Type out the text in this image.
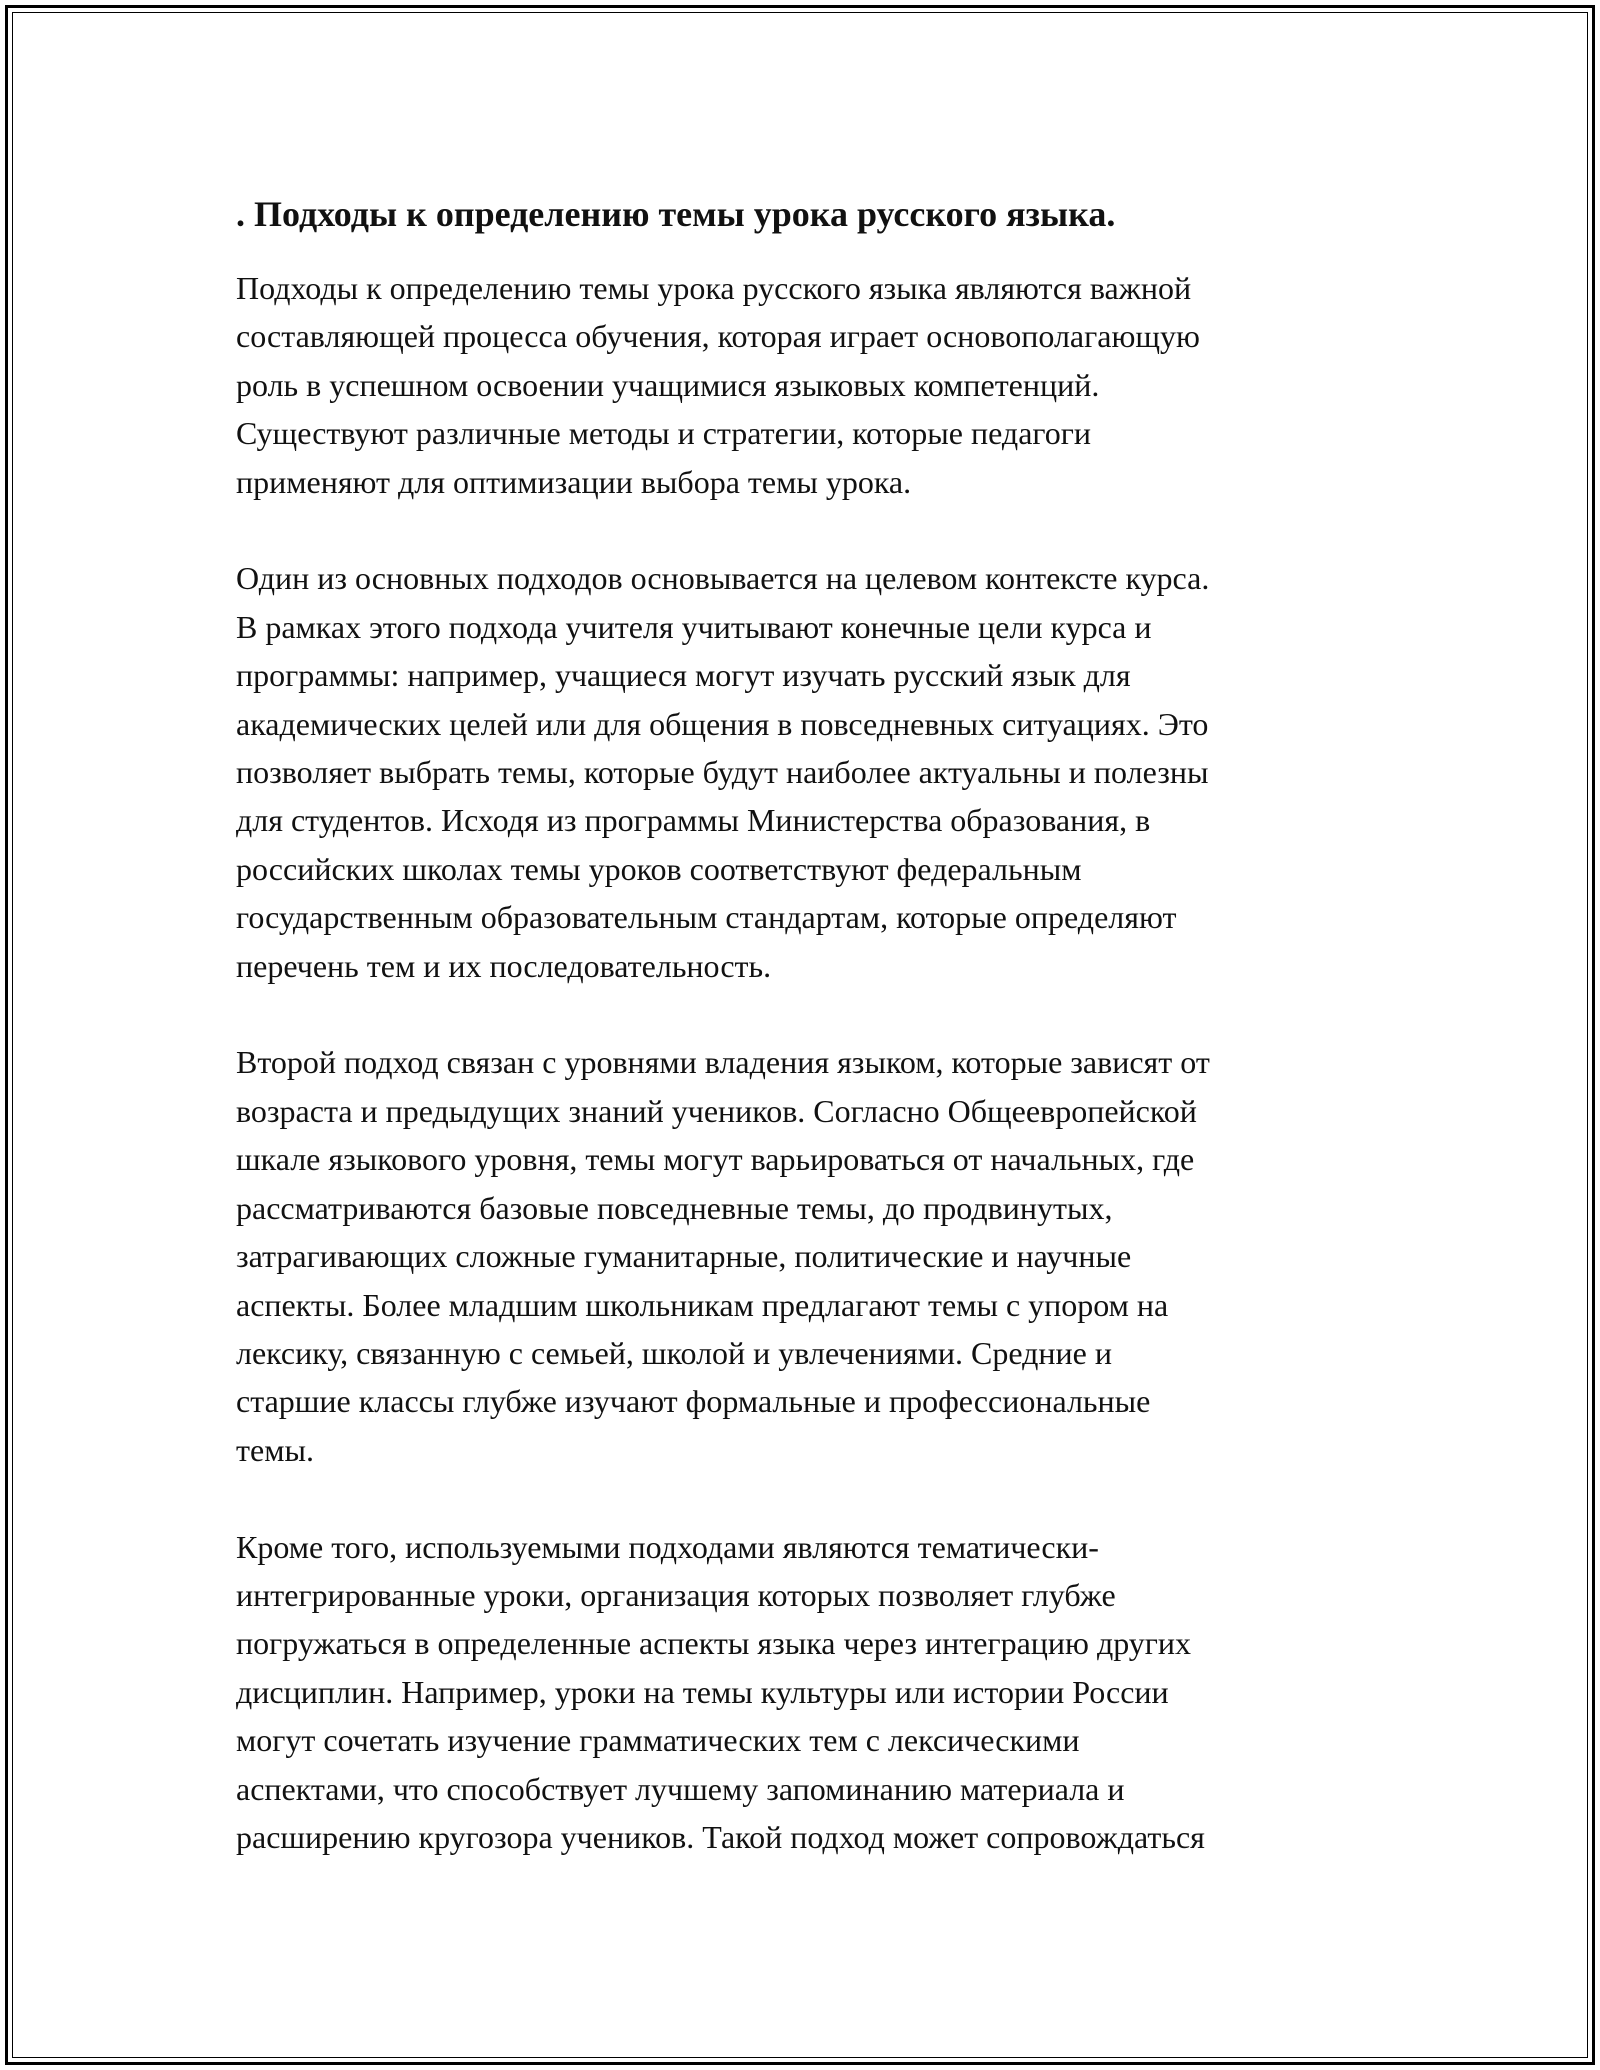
. Подходы к определению темы урока русского языка.

Подходы к определению темы урока русского языка являются важной
составляющей процесса обучения, которая играет основополагающую
роль в успешном освоении учащимися языковых компетенций.
Существуют различные методы и стратегии, которые педагоги
применяют для оптимизации выбора темы урока.

Один из основных подходов основывается на целевом контексте курса.
В рамках этого подхода учителя учитывают конечные цели курса и
программы: например, учащиеся могут изучать русский язык для
академических целей или для общения в повседневных ситуациях. Это
позволяет выбрать темы, которые будут наиболее актуальны и полезны
для студентов. Исходя из программы Министерства образования, в
российских школах темы уроков соответствуют федеральным
государственным образовательным стандартам, которые определяют
перечень тем и их последовательность.

Второй подход связан с уровнями владения языком, которые зависят от
возраста и предыдущих знаний учеников. Согласно Общеевропейской
шкале языкового уровня, темы могут варьироваться от начальных, где
рассматриваются базовые повседневные темы, до продвинутых,
затрагивающих сложные гуманитарные, политические и научные
аспекты. Более младшим школьникам предлагают темы с упором на
лексику, связанную с семьей, школой и увлечениями. Средние и
старшие классы глубже изучают формальные и профессиональные
темы.

Кроме того, используемыми подходами являются тематически-
интегрированные уроки, организация которых позволяет глубже
погружаться в определенные аспекты языка через интеграцию других
дисциплин. Например, уроки на темы культуры или истории России
могут сочетать изучение грамматических тем с лексическими
аспектами, что способствует лучшему запоминанию материала и
расширению кругозора учеников. Такой подход может сопровождаться
